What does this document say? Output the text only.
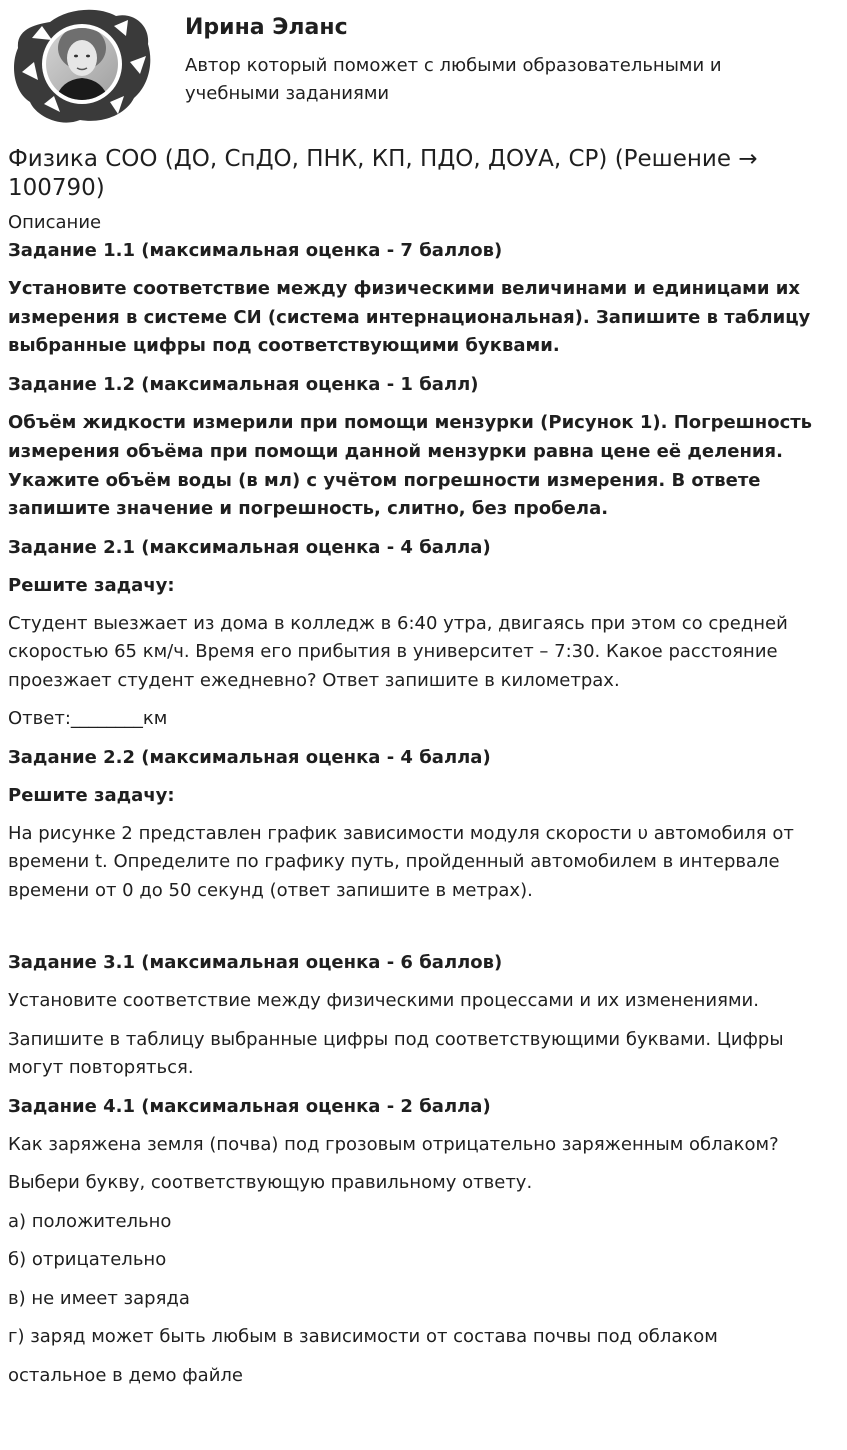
Ирина Эланс
Автор который поможет с любыми образовательными и учебными заданиями
Физика СОО (ДО, СпДО, ПНК, КП, ПДО, ДОУА, СР) (Решение → 100790)

Описание

Задание 1.1 (максимальная оценка - 7 баллов)

Установите соответствие между физическими величинами и единицами их измерения в системе СИ (система интернациональная). Запишите в таблицу выбранные цифры под соответствующими буквами.

Задание 1.2 (максимальная оценка - 1 балл)

Объём жидкости измерили при помощи мензурки (Рисунок 1). Погрешность измерения объёма при помощи данной мензурки равна цене её деления. Укажите объём воды (в мл) с учётом погрешности измерения. В ответе запишите значение и погрешность, слитно, без пробела.

Задание 2.1 (максимальная оценка - 4 балла)

Решите задачу:

Студент выезжает из дома в колледж в 6:40 утра, двигаясь при этом со средней скоростью 65 км/ч. Время его прибытия в университет – 7:30. Какое расстояние проезжает студент ежедневно? Ответ запишите в километрах.

Ответ:________км

Задание 2.2 (максимальная оценка - 4 балла)

Решите задачу:

На рисунке 2 представлен график зависимости модуля скорости υ автомобиля от времени t. Определите по графику путь, пройденный автомобилем в интервале времени от 0 до 50 секунд (ответ запишите в метрах).

Задание 3.1 (максимальная оценка - 6 баллов)

Установите соответствие между физическими процессами и их изменениями.

Запишите в таблицу выбранные цифры под соответствующими буквами. Цифры могут повторяться.

Задание 4.1 (максимальная оценка - 2 балла)

Как заряжена земля (почва) под грозовым отрицательно заряженным облаком?

Выбери букву, соответствующую правильному ответу.

а) положительно

б) отрицательно

в) не имеет заряда

г) заряд может быть любым в зависимости от состава почвы под облаком

остальное в демо файле
